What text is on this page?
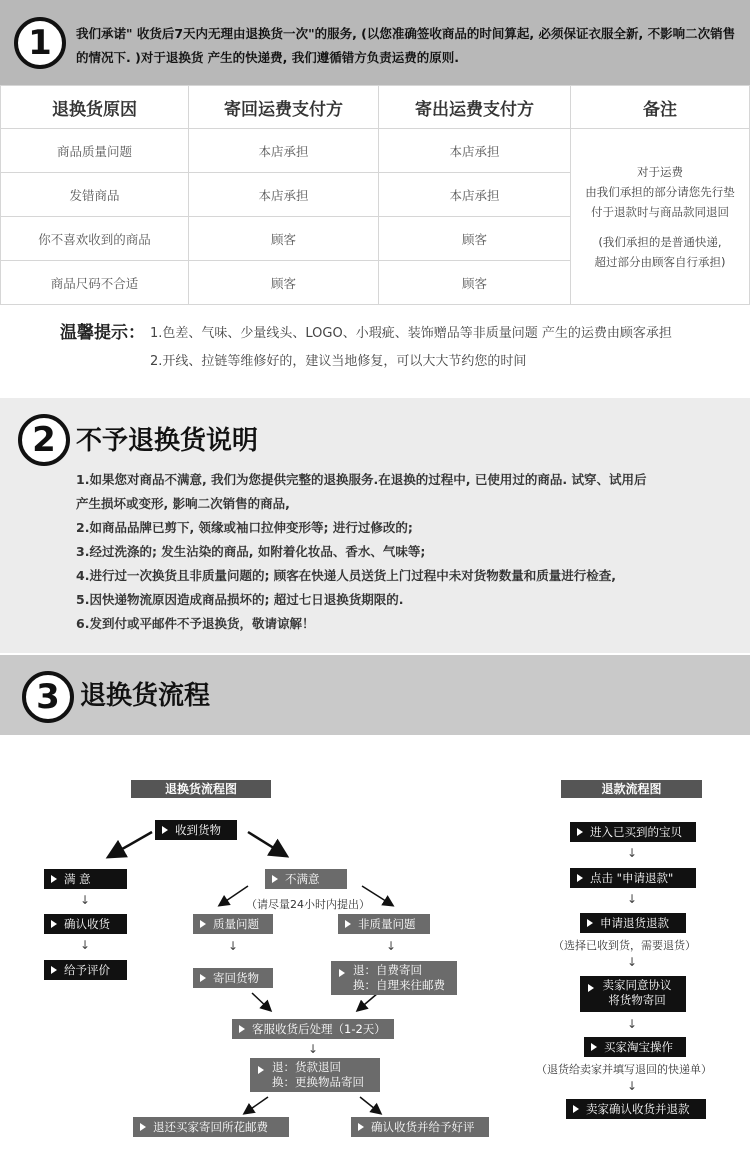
1	我们承诺" 收货后7天内无理由退换货一次"的服务, (以您准确签收商品的时间算起, 必须保证衣服全新, 不影响二次销售的情况下. )对于退换货 产生的快递费, 我们遵循错方负责运费的原则.
退换货原因	寄回运费支付方	寄出运费支付方	备注
商品质量问题	本店承担	本店承担	对于运费
由我们承担的部分请您先行垫
付于退款时与商品款同退回
(我们承担的是普通快递,
超过部分由顾客自行承担)

发错商品	本店承担	本店承担	
你不喜欢收到的商品	顾客	顾客	
商品尺码不合适	顾客	顾客	
温馨提示： 1.色差、气味、少量线头、LOGO、小瑕疵、装饰赠品等非质量问题 产生的运费由顾客承担
2.开线、拉链等维修好的，建议当地修复，可以大大节约您的时间
2 不予退换货说明
1.如果您对商品不满意, 我们为您提供完整的退换服务.在退换的过程中, 已使用过的商品. 试穿、试用后
产生损坏或变形, 影响二次销售的商品,
2.如商品品牌已剪下, 领缘或袖口拉伸变形等; 进行过修改的;
3.经过洗涤的; 发生沾染的商品, 如附着化妆品、香水、气味等;
4.进行过一次换货且非质量问题的; 顾客在快递人员送货上门过程中未对货物数量和质量进行检查,
5.因快递物流原因造成商品损坏的; 超过七日退换货期限的.
6.发到付或平邮件不予退换货，敬请谅解！
3 退换货流程
退换货流程图
收到货物
满 意
↓
确认收货
↓
给予评价
不满意
（请尽量24小时内提出）
质量问题	非质量问题
↓	↓
寄回货物
退：自费寄回
换：自理来往邮费
客服收货后处理（1-2天）
↓
退：货款退回
换：更换物品寄回
退还买家寄回所花邮费	确认收货并给予好评
退款流程图
进入已买到的宝贝
↓
点击 "申请退款"
↓
申请退货退款
（选择已收到货，需要退货）
↓
卖家同意协议
将货物寄回
↓
买家淘宝操作
（退货给卖家并填写退回的快递单）
↓
卖家确认收货并退款
